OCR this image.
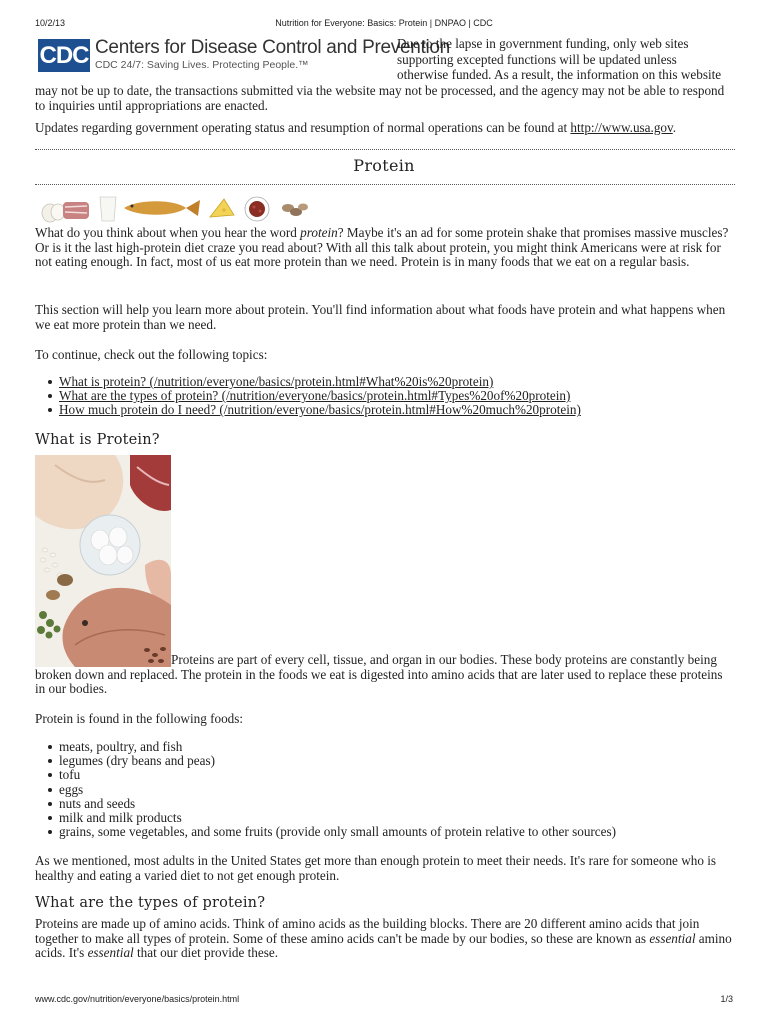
10/2/13	Nutrition for Everyone: Basics: Protein | DNPAO | CDC
CDC Centers for Disease Control and Prevention
CDC 24/7: Saving Lives. Protecting People.™
Due to the lapse in government funding, only web sites supporting excepted functions will be updated unless otherwise funded. As a result, the information on this website may not be up to date, the transactions submitted via the website may not be processed, and the agency may not be able to respond to inquiries until appropriations are enacted.
Updates regarding government operating status and resumption of normal operations can be found at http://www.usa.gov.
Protein

What do you think about when you hear the word protein? Maybe it's an ad for some protein shake that promises massive muscles? Or is it the last high-protein diet craze you read about? With all this talk about protein, you might think Americans were at risk for not eating enough. In fact, most of us eat more protein than we need. Protein is in many foods that we eat on a regular basis.

This section will help you learn more about protein. You'll find information about what foods have protein and what happens when we eat more protein than we need.

To continue, check out the following topics:

What is protein? (/nutrition/everyone/basics/protein.html#What%20is%20protein)
What are the types of protein? (/nutrition/everyone/basics/protein.html#Types%20of%20protein)
How much protein do I need? (/nutrition/everyone/basics/protein.html#How%20much%20protein)
What is Protein?

Proteins are part of every cell, tissue, and organ in our bodies. These body proteins are constantly being broken down and replaced. The protein in the foods we eat is digested into amino acids that are later used to replace these proteins in our bodies.

Protein is found in the following foods:

meats, poultry, and fish
legumes (dry beans and peas)
tofu
eggs
nuts and seeds
milk and milk products
grains, some vegetables, and some fruits (provide only small amounts of protein relative to other sources)

As we mentioned, most adults in the United States get more than enough protein to meet their needs. It's rare for someone who is healthy and eating a varied diet to not get enough protein.

What are the types of protein?

Proteins are made up of amino acids. Think of amino acids as the building blocks. There are 20 different amino acids that join together to make all types of protein. Some of these amino acids can't be made by our bodies, so these are known as essential amino acids. It's essential that our diet provide these.

www.cdc.gov/nutrition/everyone/basics/protein.html	1/3
